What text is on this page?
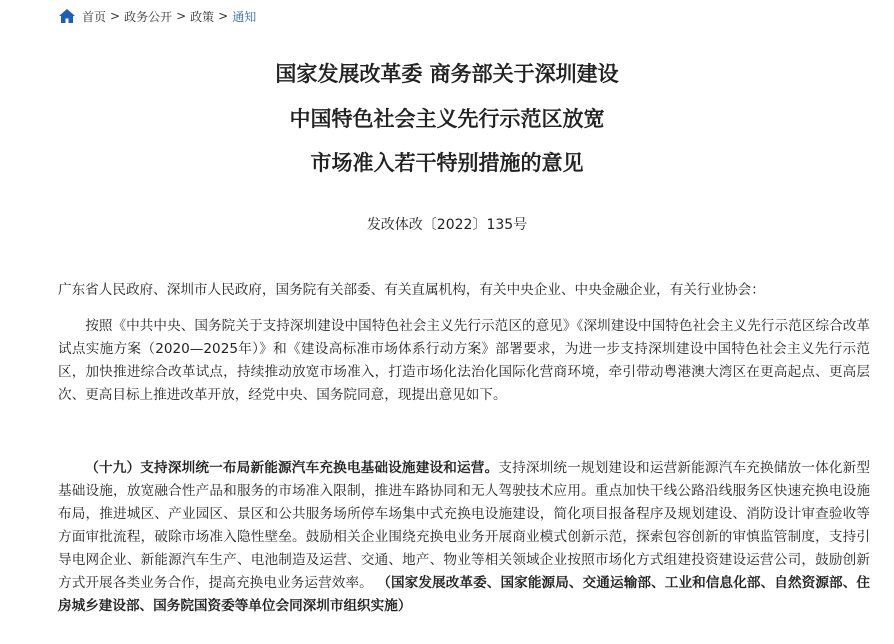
首页 > 政务公开 > 政策 > 通知
国家发展改革委 商务部关于深圳建设
中国特色社会主义先行示范区放宽
市场准入若干特别措施的意见
发改体改〔2022〕135号
广东省人民政府、深圳市人民政府，国务院有关部委、有关直属机构，有关中央企业、中央金融企业，有关行业协会：
按照《中共中央、国务院关于支持深圳建设中国特色社会主义先行示范区的意见》《深圳建设中国特色社会主义先行示范区综合改革试点实施方案（2020—2025年）》和《建设高标准市场体系行动方案》部署要求，为进一步支持深圳建设中国特色社会主义先行示范区，加快推进综合改革试点，持续推动放宽市场准入，打造市场化法治化国际化营商环境，牵引带动粤港澳大湾区在更高起点、更高层次、更高目标上推进改革开放，经党中央、国务院同意，现提出意见如下。
（十九）支持深圳统一布局新能源汽车充换电基础设施建设和运营。支持深圳统一规划建设和运营新能源汽车充换储放一体化新型基础设施，放宽融合性产品和服务的市场准入限制，推进车路协同和无人驾驶技术应用。重点加快干线公路沿线服务区快速充换电设施布局，推进城区、产业园区、景区和公共服务场所停车场集中式充换电设施建设，简化项目报备程序及规划建设、消防设计审查验收等方面审批流程，破除市场准入隐性壁垒。鼓励相关企业围绕充换电业务开展商业模式创新示范，探索包容创新的审慎监管制度，支持引导电网企业、新能源汽车生产、电池制造及运营、交通、地产、物业等相关领域企业按照市场化方式组建投资建设运营公司，鼓励创新方式开展各类业务合作，提高充换电业务运营效率。 （国家发展改革委、国家能源局、交通运输部、工业和信息化部、自然资源部、住房城乡建设部、国务院国资委等单位会同深圳市组织实施）
